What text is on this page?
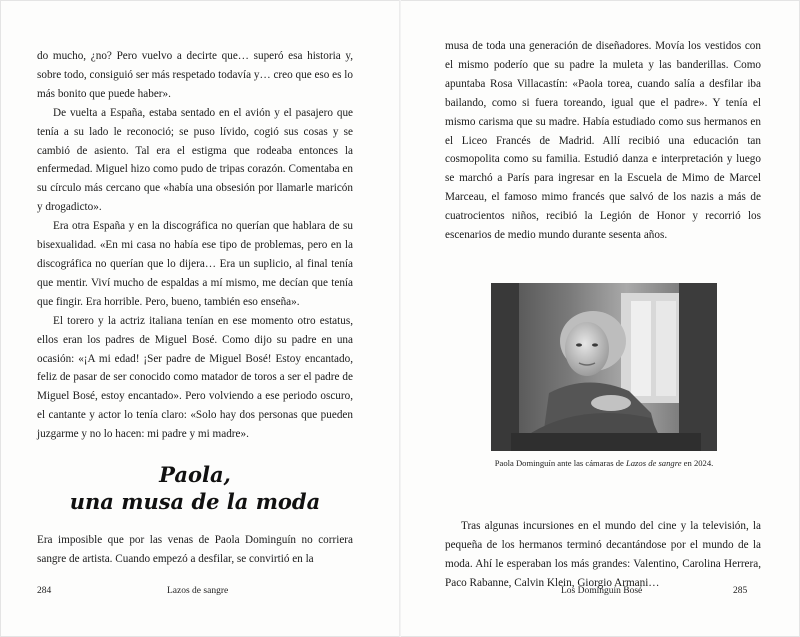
do mucho, ¿no? Pero vuelvo a decirte que… superó esa historia y, sobre todo, consiguió ser más respetado todavía y… creo que eso es lo más bonito que puede haber».

De vuelta a España, estaba sentado en el avión y el pasajero que tenía a su lado le reconoció; se puso lívido, cogió sus cosas y se cambió de asiento. Tal era el estigma que rodeaba entonces la enfermedad. Miguel hizo como pudo de tripas corazón. Comentaba en su círculo más cercano que «había una obsesión por llamarle maricón y drogadicto».

Era otra España y en la discográfica no querían que hablara de su bisexualidad. «En mi casa no había ese tipo de problemas, pero en la discográfica no querían que lo dijera… Era un suplicio, al final tenía que mentir. Viví mucho de espaldas a mí mismo, me decían que tenía que fingir. Era horrible. Pero, bueno, también eso enseña».

El torero y la actriz italiana tenían en ese momento otro estatus, ellos eran los padres de Miguel Bosé. Como dijo su padre en una ocasión: «¡A mi edad! ¡Ser padre de Miguel Bosé! Estoy encantado, feliz de pasar de ser conocido como matador de toros a ser el padre de Miguel Bosé, estoy encantado». Pero volviendo a ese periodo oscuro, el cantante y actor lo tenía claro: «Solo hay dos personas que pueden juzgarme y no lo hacen: mi padre y mi madre».

Paola,
una musa de la moda

Era imposible que por las venas de Paola Dominguín no corriera sangre de artista. Cuando empezó a desfilar, se convirtió en la

284	Lazos de sangre

musa de toda una generación de diseñadores. Movía los vestidos con el mismo poderío que su padre la muleta y las banderillas. Como apuntaba Rosa Villacastín: «Paola torea, cuando salía a desfilar iba bailando, como si fuera toreando, igual que el padre». Y tenía el mismo carisma que su madre. Había estudiado como sus hermanos en el Liceo Francés de Madrid. Allí recibió una educación tan cosmopolita como su familia. Estudió danza e interpretación y luego se marchó a París para ingresar en la Escuela de Mimo de Marcel Marceau, el famoso mimo francés que salvó de los nazis a más de cuatrocientos niños, recibió la Legión de Honor y recorrió los escenarios de medio mundo durante sesenta años.

Paola Dominguín ante las cámaras de Lazos de sangre en 2024.

Tras algunas incursiones en el mundo del cine y la televisión, la pequeña de los hermanos terminó decantándose por el mundo de la moda. Ahí le esperaban los más grandes: Valentino, Carolina Herrera, Paco Rabanne, Calvin Klein, Giorgio Armani…

Los Dominguín Bosé	285
